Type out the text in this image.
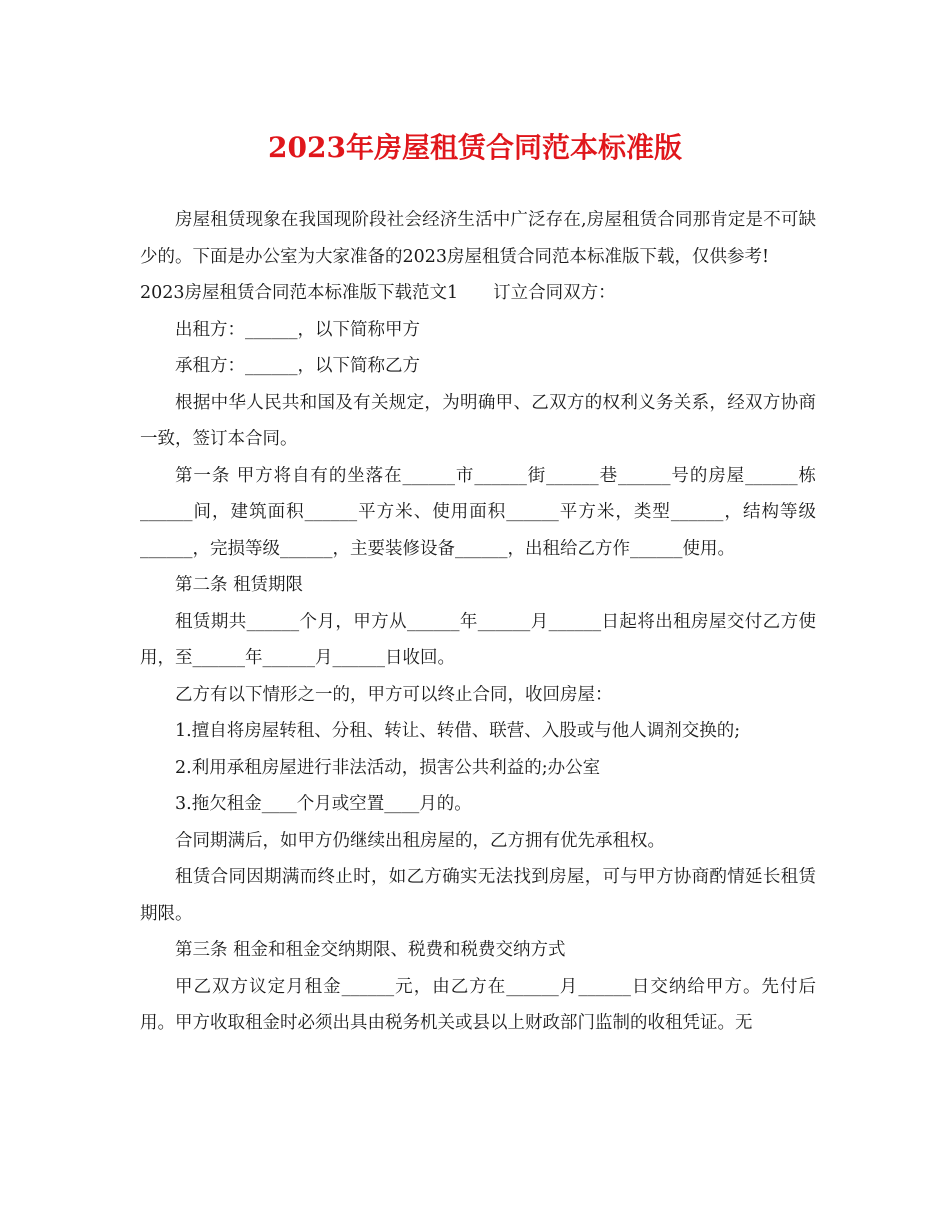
2023年房屋租赁合同范本标准版

房屋租赁现象在我国现阶段社会经济生活中广泛存在,房屋租赁合同那肯定是不可缺少的。下面是办公室为大家准备的2023房屋租赁合同范本标准版下载，仅供参考!

2023房屋租赁合同范本标准版下载范文1　　订立合同双方：

出租方：______，以下简称甲方

承租方：______，以下简称乙方

根据中华人民共和国及有关规定，为明确甲、乙双方的权利义务关系，经双方协商一致，签订本合同。

第一条 甲方将自有的坐落在______市______街______巷______号的房屋______栋______间，建筑面积______平方米、使用面积______平方米，类型______，结构等级______，完损等级______，主要装修设备______，出租给乙方作______使用。

第二条 租赁期限

租赁期共______个月，甲方从______年______月______日起将出租房屋交付乙方使用，至______年______月______日收回。

乙方有以下情形之一的，甲方可以终止合同，收回房屋：

1.擅自将房屋转租、分租、转让、转借、联营、入股或与他人调剂交换的;

2.利用承租房屋进行非法活动，损害公共利益的;办公室

3.拖欠租金____个月或空置____月的。

合同期满后，如甲方仍继续出租房屋的，乙方拥有优先承租权。

租赁合同因期满而终止时，如乙方确实无法找到房屋，可与甲方协商酌情延长租赁期限。

第三条 租金和租金交纳期限、税费和税费交纳方式

甲乙双方议定月租金______元，由乙方在______月______日交纳给甲方。先付后用。甲方收取租金时必须出具由税务机关或县以上财政部门监制的收租凭证。无
